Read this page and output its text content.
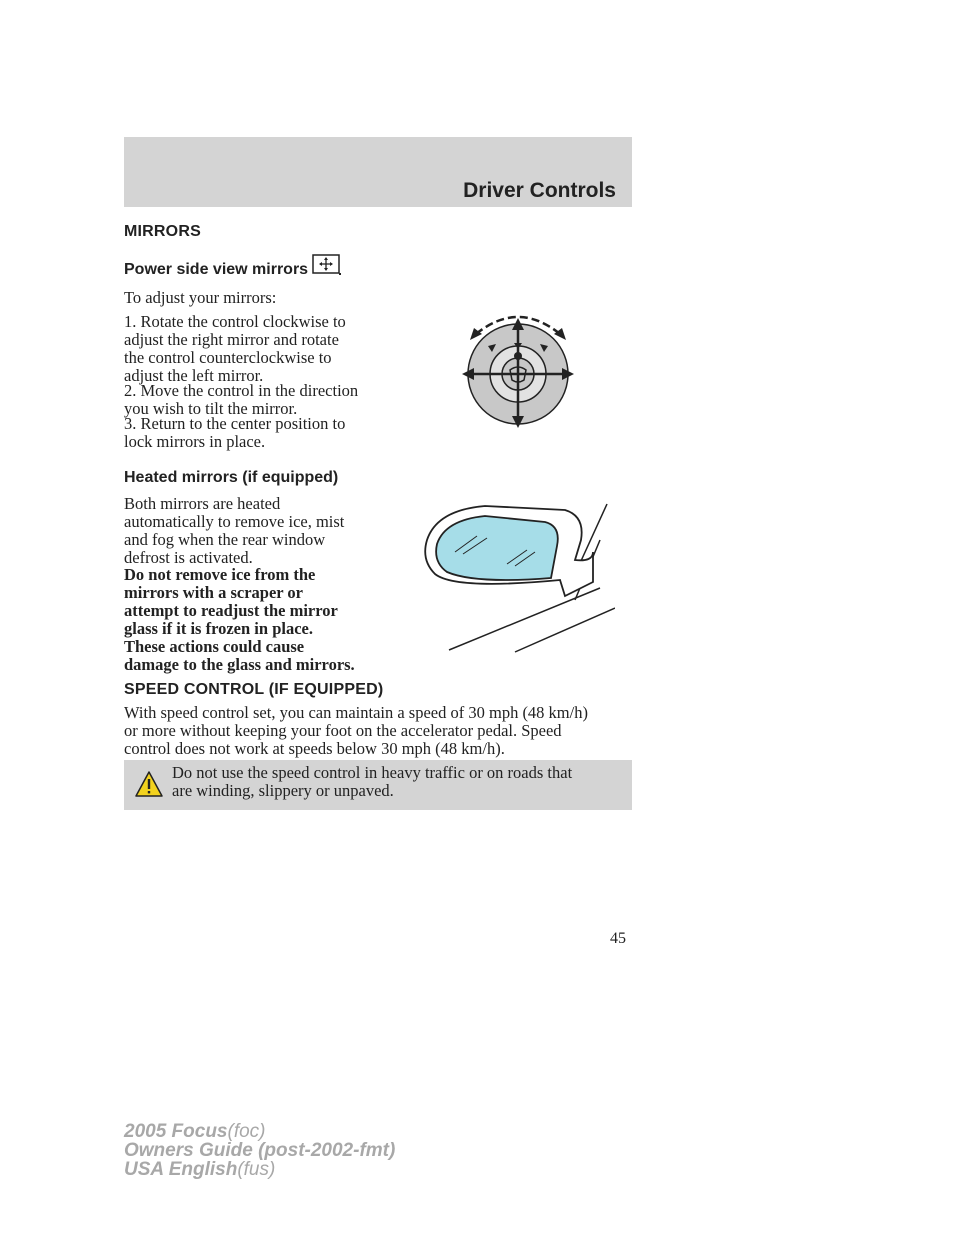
Driver Controls
MIRRORS
Power side view mirrors
To adjust your mirrors:
1. Rotate the control clockwise to
adjust the right mirror and rotate
the control counterclockwise to
adjust the left mirror.
2. Move the control in the direction
you wish to tilt the mirror.
3. Return to the center position to
lock mirrors in place.
Heated mirrors (if equipped)
Both mirrors are heated
automatically to remove ice, mist
and fog when the rear window
defrost is activated.
Do not remove ice from the
mirrors with a scraper or
attempt to readjust the mirror
glass if it is frozen in place.
These actions could cause
damage to the glass and mirrors.
SPEED CONTROL (IF EQUIPPED)
With speed control set, you can maintain a speed of 30 mph (48 km/h)
or more without keeping your foot on the accelerator pedal. Speed
control does not work at speeds below 30 mph (48 km/h).
Do not use the speed control in heavy traffic or on roads that
are winding, slippery or unpaved.
45
2005 Focus(foc)
Owners Guide (post-2002-fmt)
USA English(fus)
